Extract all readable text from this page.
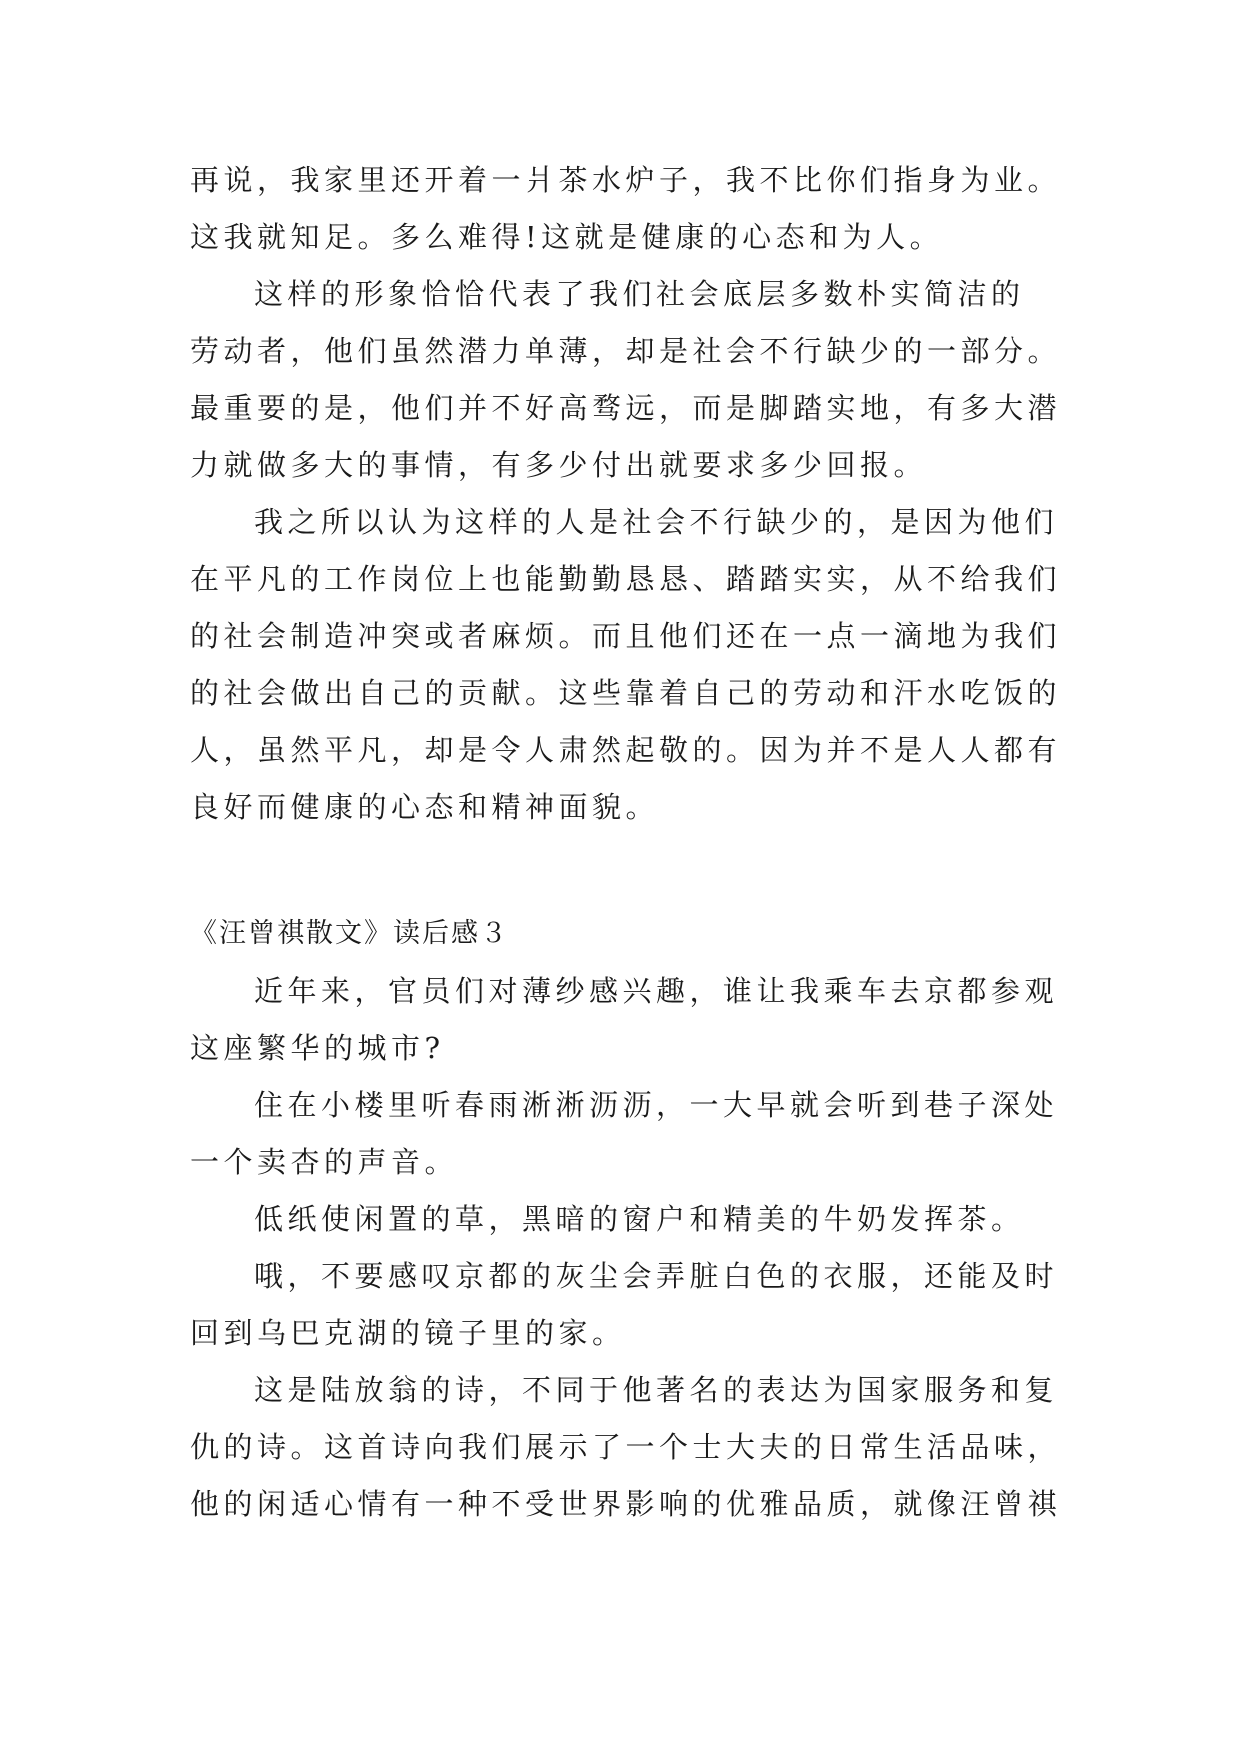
再说，我家里还开着一爿茶水炉子，我不比你们指身为业。
这我就知足。多么难得!这就是健康的心态和为人。
这样的形象恰恰代表了我们社会底层多数朴实简洁的
劳动者，他们虽然潜力单薄，却是社会不行缺少的一部分。
最重要的是，他们并不好高骛远，而是脚踏实地，有多大潜
力就做多大的事情，有多少付出就要求多少回报。
我之所以认为这样的人是社会不行缺少的，是因为他们
在平凡的工作岗位上也能勤勤恳恳、踏踏实实，从不给我们
的社会制造冲突或者麻烦。而且他们还在一点一滴地为我们
的社会做出自己的贡献。这些靠着自己的劳动和汗水吃饭的
人，虽然平凡，却是令人肃然起敬的。因为并不是人人都有
良好而健康的心态和精神面貌。
《汪曾祺散文》读后感３
近年来，官员们对薄纱感兴趣，谁让我乘车去京都参观
这座繁华的城市?
住在小楼里听春雨淅淅沥沥，一大早就会听到巷子深处
一个卖杏的声音。
低纸使闲置的草，黑暗的窗户和精美的牛奶发挥茶。
哦，不要感叹京都的灰尘会弄脏白色的衣服，还能及时
回到乌巴克湖的镜子里的家。
这是陆放翁的诗，不同于他著名的表达为国家服务和复
仇的诗。这首诗向我们展示了一个士大夫的日常生活品味，
他的闲适心情有一种不受世界影响的优雅品质，就像汪曾祺
